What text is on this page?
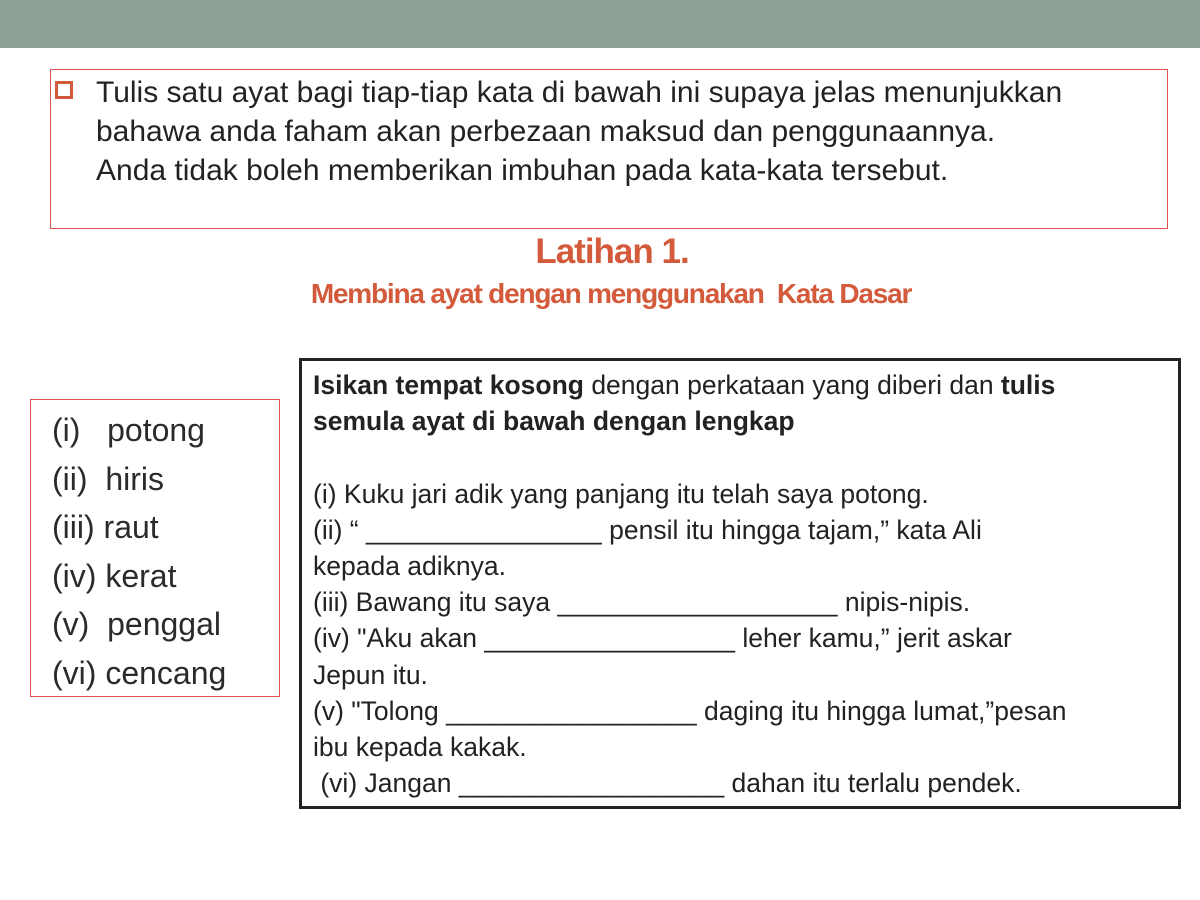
Tulis satu ayat bagi tiap-tiap kata di bawah ini supaya jelas menunjukkan
bahawa anda faham akan perbezaan maksud dan penggunaannya.
Anda tidak boleh memberikan imbuhan pada kata-kata tersebut.
Latihan 1.
Membina ayat dengan menggunakan  Kata Dasar
(i)   potong
(ii)  hiris
(iii) raut
(iv) kerat
(v)  penggal
(vi) cencang

Isikan tempat kosong dengan perkataan yang diberi dan tulis

semula ayat di bawah dengan lengkap

(i) Kuku jari adik yang panjang itu telah saya potong.

(ii) “ ________________ pensil itu hingga tajam,” kata Ali

kepada adiknya.

(iii) Bawang itu saya ___________________ nipis-nipis.

(iv) "Aku akan _________________ leher kamu,” jerit askar

Jepun itu.

(v) "Tolong _________________ daging itu hingga lumat,”pesan

ibu kepada kakak.

(vi) Jangan __________________ dahan itu terlalu pendek.
